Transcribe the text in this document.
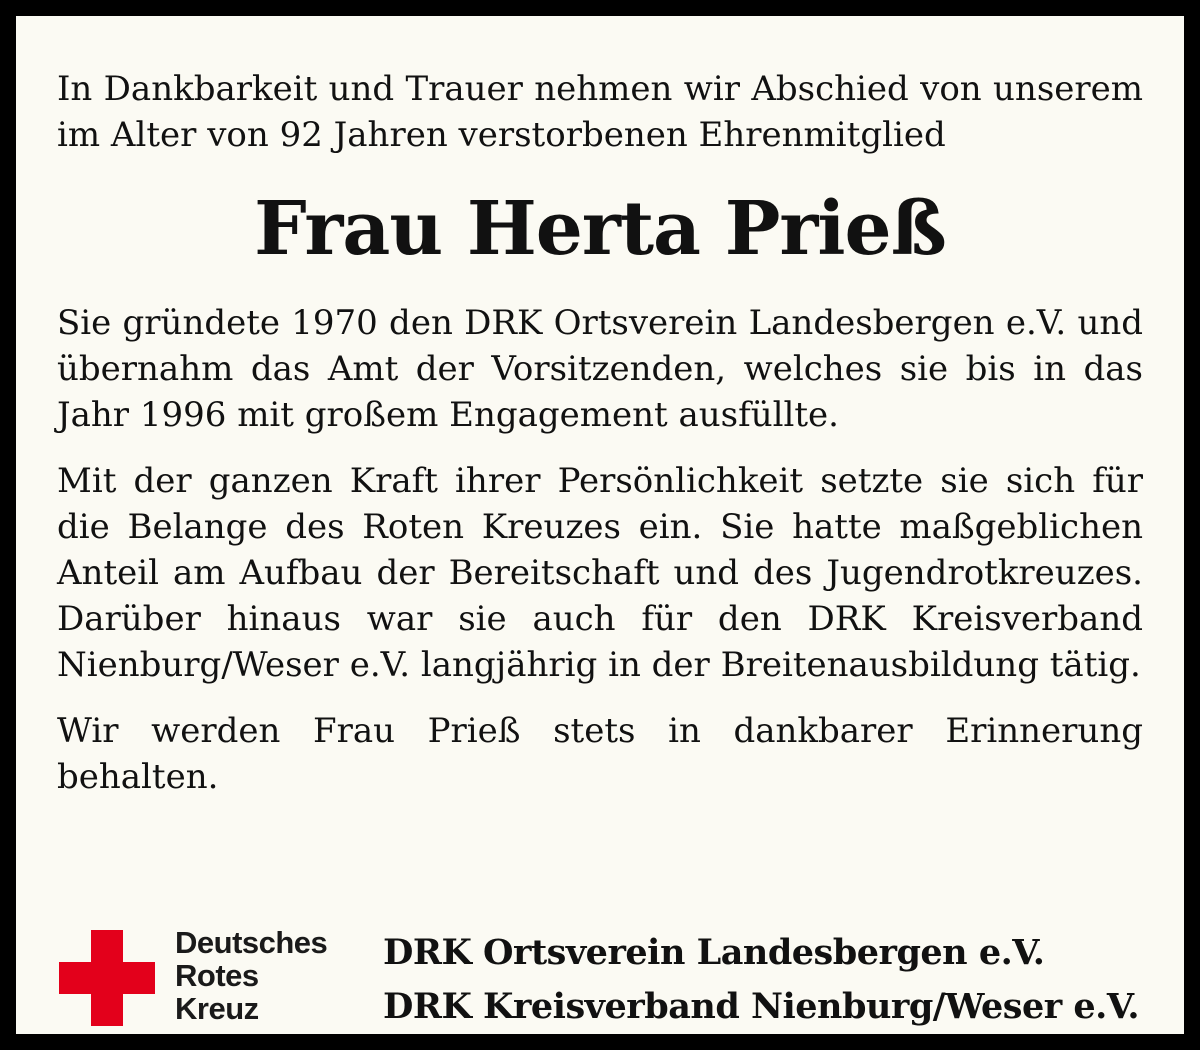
In Dankbarkeit und Trauer nehmen wir Abschied von unserem im Alter von 92 Jahren verstorbenen Ehrenmitglied

Frau Herta Prieß

Sie gründete 1970 den DRK Ortsverein Landesbergen e.V. und übernahm das Amt der Vorsitzenden, welches sie bis in das Jahr 1996 mit großem Engagement ausfüllte.

Mit der ganzen Kraft ihrer Persönlichkeit setzte sie sich für die Belange des Roten Kreuzes ein. Sie hatte maßgeblichen Anteil am Aufbau der Bereitschaft und des Jugendrotkreuzes. Darüber hinaus war sie auch für den DRK Kreisverband Nienburg/Weser e.V. langjährig in der Breitenausbildung tätig.

Wir werden Frau Prieß stets in dankbarer Erinnerung behalten.

Deutsches
Rotes
Kreuz
DRK Ortsverein Landesbergen e.V.
DRK Kreisverband Nienburg/Weser e.V.
